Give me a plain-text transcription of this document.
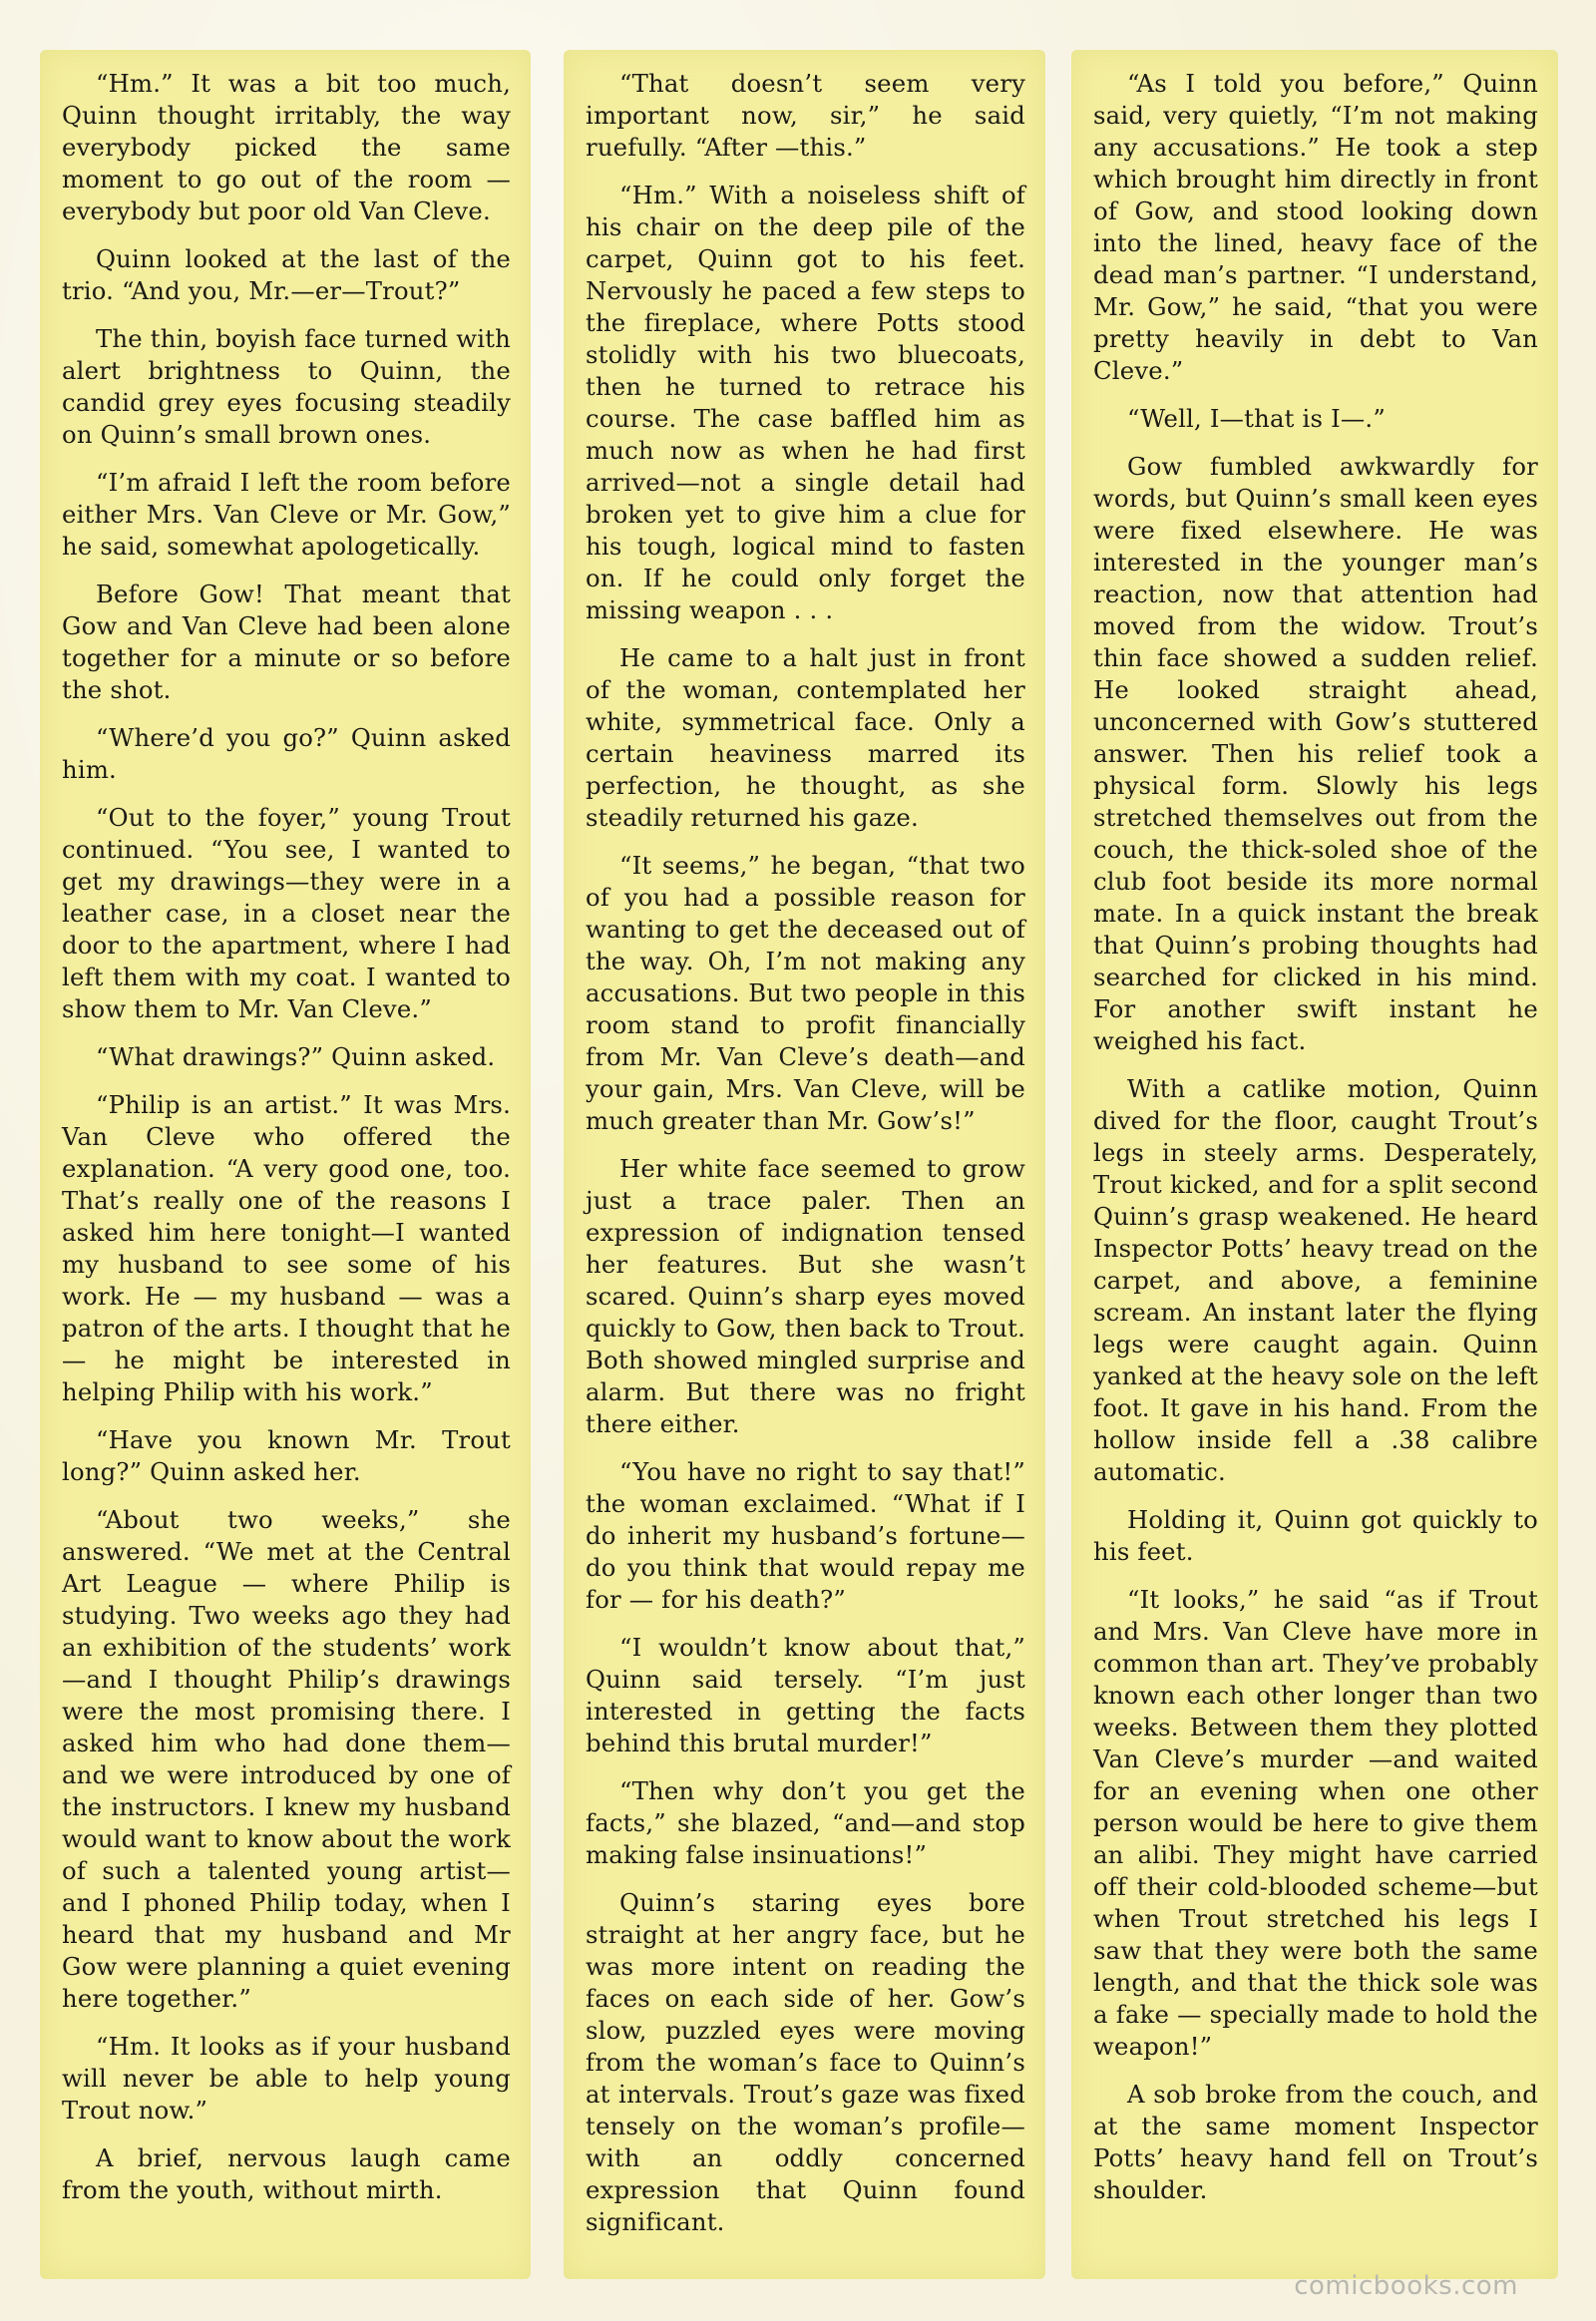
“Hm.” It was a bit too much, Quinn thought irritably, the way everybody picked the same moment to go out of the room — everybody but poor old Van Cleve.

Quinn looked at the last of the trio. “And you, Mr.—er—Trout?”

The thin, boyish face turned with alert brightness to Quinn, the candid grey eyes focusing steadily on Quinn’s small brown ones.

“I’m afraid I left the room before either Mrs. Van Cleve or Mr. Gow,” he said, somewhat apologetically.

Before Gow! That meant that Gow and Van Cleve had been alone together for a minute or so before the shot.

“Where’d you go?” Quinn asked him.

“Out to the foyer,” young Trout continued. “You see, I wanted to get my drawings—they were in a leather case, in a closet near the door to the apartment, where I had left them with my coat. I wanted to show them to Mr. Van Cleve.”

“What drawings?” Quinn asked.

“Philip is an artist.” It was Mrs. Van Cleve who offered the explanation. “A very good one, too. That’s really one of the reasons I asked him here tonight—I wanted my husband to see some of his work. He — my husband — was a patron of the arts. I thought that he — he might be interested in helping Philip with his work.”

“Have you known Mr. Trout long?” Quinn asked her.

“About two weeks,” she answered. “We met at the Central Art League — where Philip is studying. Two weeks ago they had an exhibition of the students’ work—and I thought Philip’s drawings were the most promising there. I asked him who had done them—and we were introduced by one of the instructors. I knew my husband would want to know about the work of such a talented young artist—and I phoned Philip today, when I heard that my husband and Mr Gow were planning a quiet evening here together.”

“Hm. It looks as if your husband will never be able to help young Trout now.”

A brief, nervous laugh came from the youth, without mirth.

“That doesn’t seem very important now, sir,” he said ruefully. “After —this.”

“Hm.” With a noiseless shift of his chair on the deep pile of the carpet, Quinn got to his feet. Nervously he paced a few steps to the fireplace, where Potts stood stolidly with his two bluecoats, then he turned to retrace his course. The case baffled him as much now as when he had first arrived—not a single detail had broken yet to give him a clue for his tough, logical mind to fasten on. If he could only forget the missing weapon . . .

He came to a halt just in front of the woman, contemplated her white, symmetrical face. Only a certain heaviness marred its perfection, he thought, as she steadily returned his gaze.

“It seems,” he began, “that two of you had a possible reason for wanting to get the deceased out of the way. Oh, I’m not making any accusations. But two people in this room stand to profit financially from Mr. Van Cleve’s death—and your gain, Mrs. Van Cleve, will be much greater than Mr. Gow’s!”

Her white face seemed to grow just a trace paler. Then an expression of indignation tensed her features. But she wasn’t scared. Quinn’s sharp eyes moved quickly to Gow, then back to Trout. Both showed mingled surprise and alarm. But there was no fright there either.

“You have no right to say that!” the woman exclaimed. “What if I do inherit my husband’s fortune—do you think that would repay me for — for his death?”

“I wouldn’t know about that,” Quinn said tersely. “I’m just interested in getting the facts behind this brutal murder!”

“Then why don’t you get the facts,” she blazed, “and—and stop making false insinuations!”

Quinn’s staring eyes bore straight at her angry face, but he was more intent on reading the faces on each side of her. Gow’s slow, puzzled eyes were moving from the woman’s face to Quinn’s at intervals. Trout’s gaze was fixed tensely on the woman’s profile—with an oddly concerned expression that Quinn found significant.

“As I told you before,” Quinn said, very quietly, “I’m not making any accusations.” He took a step which brought him directly in front of Gow, and stood looking down into the lined, heavy face of the dead man’s partner. “I understand, Mr. Gow,” he said, “that you were pretty heavily in debt to Van Cleve.”

“Well, I—that is I—.”

Gow fumbled awkwardly for words, but Quinn’s small keen eyes were fixed elsewhere. He was interested in the younger man’s reaction, now that attention had moved from the widow. Trout’s thin face showed a sudden relief. He looked straight ahead, unconcerned with Gow’s stuttered answer. Then his relief took a physical form. Slowly his legs stretched themselves out from the couch, the thick-soled shoe of the club foot beside its more normal mate. In a quick instant the break that Quinn’s probing thoughts had searched for clicked in his mind. For another swift instant he weighed his fact.

With a catlike motion, Quinn dived for the floor, caught Trout’s legs in steely arms. Desperately, Trout kicked, and for a split second Quinn’s grasp weakened. He heard Inspector Potts’ heavy tread on the carpet, and above, a feminine scream. An instant later the flying legs were caught again. Quinn yanked at the heavy sole on the left foot. It gave in his hand. From the hollow inside fell a .38 calibre automatic.

Holding it, Quinn got quickly to his feet.

“It looks,” he said “as if Trout and Mrs. Van Cleve have more in common than art. They’ve probably known each other longer than two weeks. Between them they plotted Van Cleve’s murder —and waited for an evening when one other person would be here to give them an alibi. They might have carried off their cold-blooded scheme—but when Trout stretched his legs I saw that they were both the same length, and that the thick sole was a fake — specially made to hold the weapon!”

A sob broke from the couch, and at the same moment Inspector Potts’ heavy hand fell on Trout’s shoulder.

comicbooks.com
